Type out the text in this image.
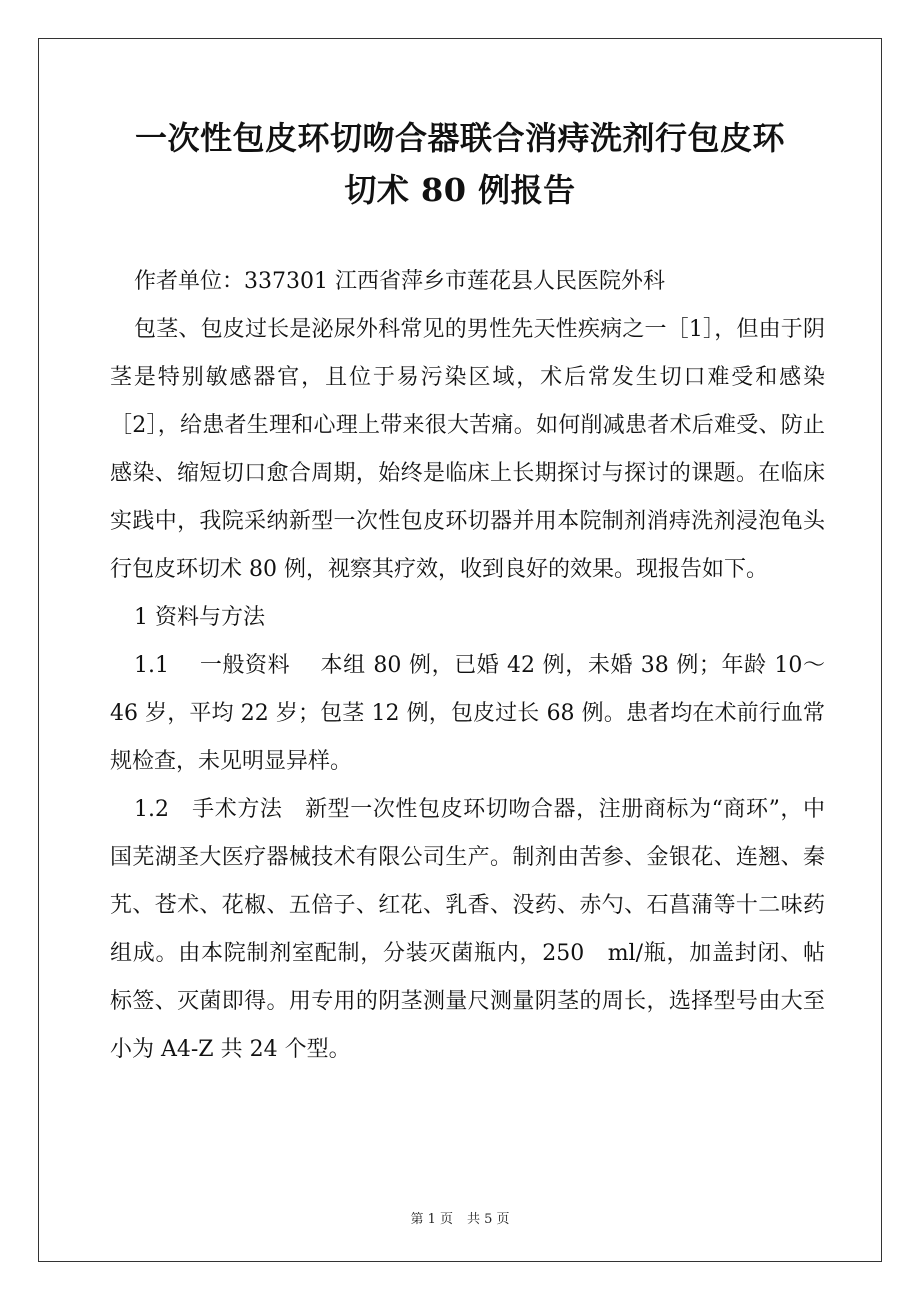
一次性包皮环切吻合器联合消痔洗剂行包皮环
切术 80 例报告

作者单位：337301 江西省萍乡市莲花县人民医院外科

包茎、包皮过长是泌尿外科常见的男性先天性疾病之一［1］，但由于阴茎是特别敏感器官，且位于易污染区域，术后常发生切口难受和感染［2］，给患者生理和心理上带来很大苦痛。如何削减患者术后难受、防止感染、缩短切口愈合周期，始终是临床上长期探讨与探讨的课题。在临床实践中，我院采纳新型一次性包皮环切器并用本院制剂消痔洗剂浸泡龟头行包皮环切术 80 例，视察其疗效，收到良好的效果。现报告如下。

1 资料与方法

1.1　 一般资料　 本组 80 例，已婚 42 例，未婚 38 例；年龄 10～46 岁，平均 22 岁；包茎 12 例，包皮过长 68 例。患者均在术前行血常规检查，未见明显异样。

1.2　手术方法　新型一次性包皮环切吻合器，注册商标为“商环”，中国芜湖圣大医疗器械技术有限公司生产。制剂由苦参、金银花、连翘、秦艽、苍术、花椒、五倍子、红花、乳香、没药、赤勺、石菖蒲等十二味药组成。由本院制剂室配制，分装灭菌瓶内，250　ml/瓶，加盖封闭、帖标签、灭菌即得。用专用的阴茎测量尺测量阴茎的周长，选择型号由大至小为 A4-Z 共 24 个型。

第 1 页 共 5 页
